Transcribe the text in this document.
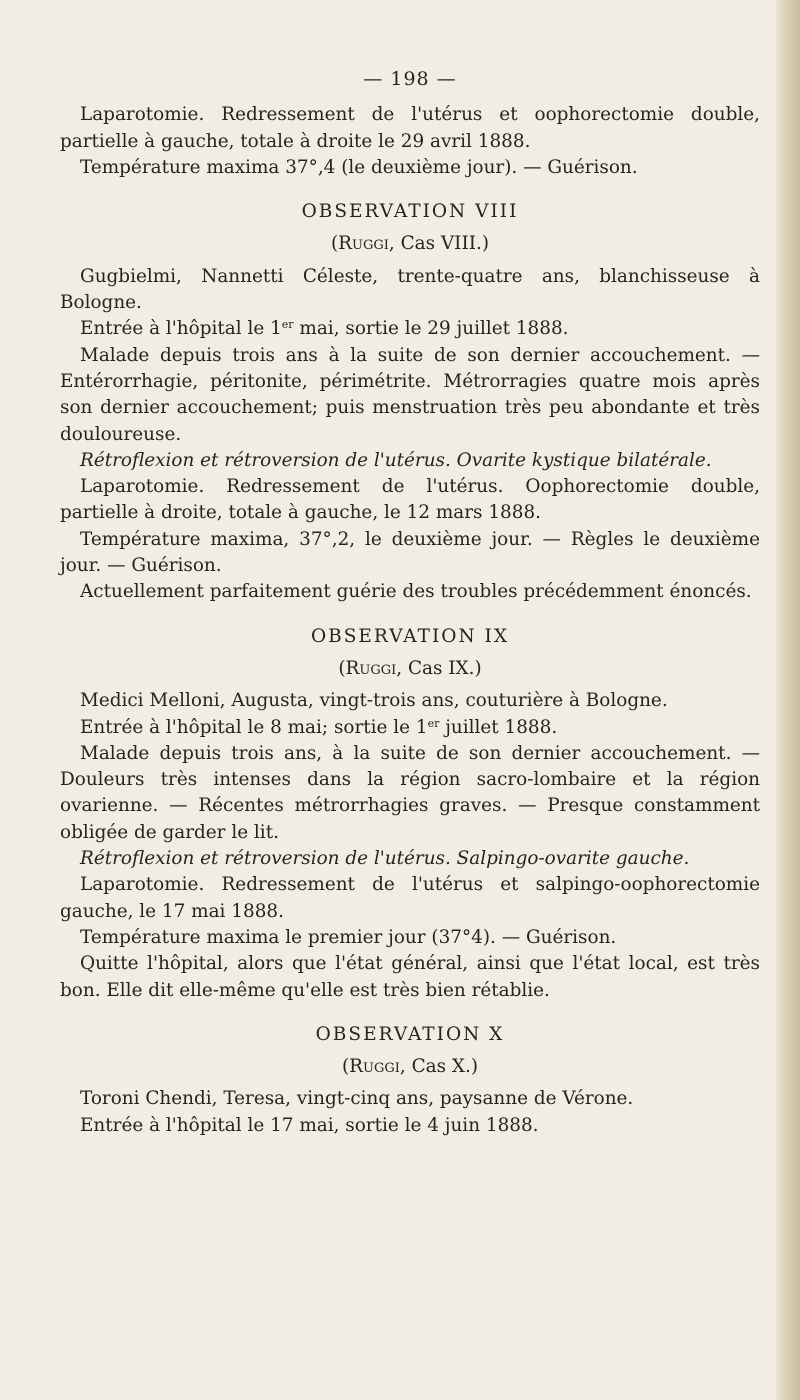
— 198 —

Laparotomie. Redressement de l'utérus et oophorectomie double, partielle à gauche, totale à droite le 29 avril 1888.

Température maxima 37°,4 (le deuxième jour). — Guérison.

OBSERVATION VIII
(Ruggi, Cas VIII.)

Gugbielmi, Nannetti Céleste, trente-quatre ans, blanchisseuse à Bologne.

Entrée à l'hôpital le 1er mai, sortie le 29 juillet 1888.

Malade depuis trois ans à la suite de son dernier accouchement. — Entérorrhagie, péritonite, périmétrite. Métrorragies quatre mois après son dernier accouchement; puis menstruation très peu abondante et très douloureuse.

Rétroflexion et rétroversion de l'utérus. Ovarite kystique bilatérale.

Laparotomie. Redressement de l'utérus. Oophorectomie double, partielle à droite, totale à gauche, le 12 mars 1888.

Température maxima, 37°,2, le deuxième jour. — Règles le deuxième jour. — Guérison.

Actuellement parfaitement guérie des troubles précédemment énoncés.

OBSERVATION IX
(Ruggi, Cas IX.)

Medici Melloni, Augusta, vingt-trois ans, couturière à Bologne.

Entrée à l'hôpital le 8 mai; sortie le 1er juillet 1888.

Malade depuis trois ans, à la suite de son dernier accouchement. — Douleurs très intenses dans la région sacro-lombaire et la région ovarienne. — Récentes métrorrhagies graves. — Presque constamment obligée de garder le lit.

Rétroflexion et rétroversion de l'utérus. Salpingo-ovarite gauche.

Laparotomie. Redressement de l'utérus et salpingo-oophorectomie gauche, le 17 mai 1888.

Température maxima le premier jour (37°4). — Guérison.

Quitte l'hôpital, alors que l'état général, ainsi que l'état local, est très bon. Elle dit elle-même qu'elle est très bien rétablie.

OBSERVATION X
(Ruggi, Cas X.)

Toroni Chendi, Teresa, vingt-cinq ans, paysanne de Vérone.

Entrée à l'hôpital le 17 mai, sortie le 4 juin 1888.
